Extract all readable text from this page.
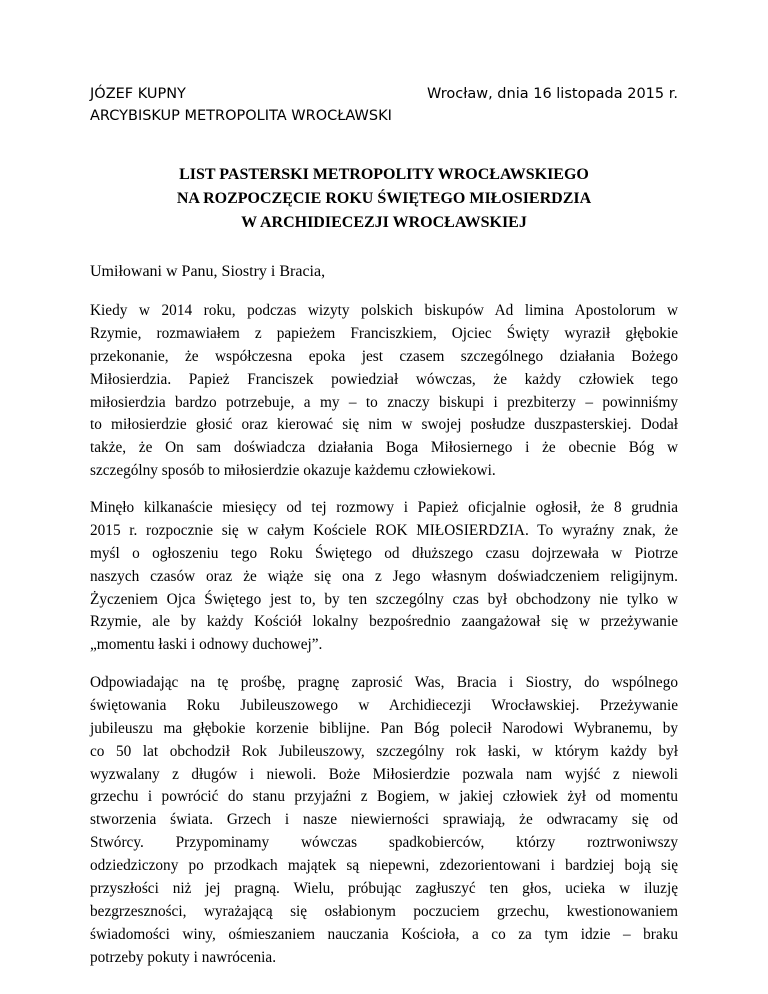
JÓZEF KUPNY	Wrocław, dnia 16 listopada 2015 r.
ARCYBISKUP METROPOLITA WROCŁAWSKI
LIST PASTERSKI METROPOLITY WROCŁAWSKIEGO
NA ROZPOCZĘCIE ROKU ŚWIĘTEGO MIŁOSIERDZIA
W ARCHIDIECEZJI WROCŁAWSKIEJ
Umiłowani w Panu, Siostry i Bracia,
Kiedy w 2014 roku, podczas wizyty polskich biskupów Ad limina Apostolorum w
Rzymie, rozmawiałem z papieżem Franciszkiem, Ojciec Święty wyraził głębokie
przekonanie, że współczesna epoka jest czasem szczególnego działania Bożego
Miłosierdzia. Papież Franciszek powiedział wówczas, że każdy człowiek tego
miłosierdzia bardzo potrzebuje, a my – to znaczy biskupi i prezbiterzy – powinniśmy
to miłosierdzie głosić oraz kierować się nim w swojej posłudze duszpasterskiej. Dodał
także, że On sam doświadcza działania Boga Miłosiernego i że obecnie Bóg w
szczególny sposób to miłosierdzie okazuje każdemu człowiekowi.
Minęło kilkanaście miesięcy od tej rozmowy i Papież oficjalnie ogłosił, że 8 grudnia
2015 r. rozpocznie się w całym Kościele ROK MIŁOSIERDZIA. To wyraźny znak, że
myśl o ogłoszeniu tego Roku Świętego od dłuższego czasu dojrzewała w Piotrze
naszych czasów oraz że wiąże się ona z Jego własnym doświadczeniem religijnym.
Życzeniem Ojca Świętego jest to, by ten szczególny czas był obchodzony nie tylko w
Rzymie, ale by każdy Kościół lokalny bezpośrednio zaangażował się w przeżywanie
„momentu łaski i odnowy duchowej”.
Odpowiadając na tę prośbę, pragnę zaprosić Was, Bracia i Siostry, do wspólnego
świętowania Roku Jubileuszowego w Archidiecezji Wrocławskiej. Przeżywanie
jubileuszu ma głębokie korzenie biblijne. Pan Bóg polecił Narodowi Wybranemu, by
co 50 lat obchodził Rok Jubileuszowy, szczególny rok łaski, w którym każdy był
wyzwalany z długów i niewoli. Boże Miłosierdzie pozwala nam wyjść z niewoli
grzechu i powrócić do stanu przyjaźni z Bogiem, w jakiej człowiek żył od momentu
stworzenia świata. Grzech i nasze niewierności sprawiają, że odwracamy się od
Stwórcy. Przypominamy wówczas spadkobierców, którzy roztrwoniwszy
odziedziczony po przodkach majątek są niepewni, zdezorientowani i bardziej boją się
przyszłości niż jej pragną. Wielu, próbując zagłuszyć ten głos, ucieka w iluzję
bezgrzeszności, wyrażającą się osłabionym poczuciem grzechu, kwestionowaniem
świadomości winy, ośmieszaniem nauczania Kościoła, a co za tym idzie – braku
potrzeby pokuty i nawrócenia.
